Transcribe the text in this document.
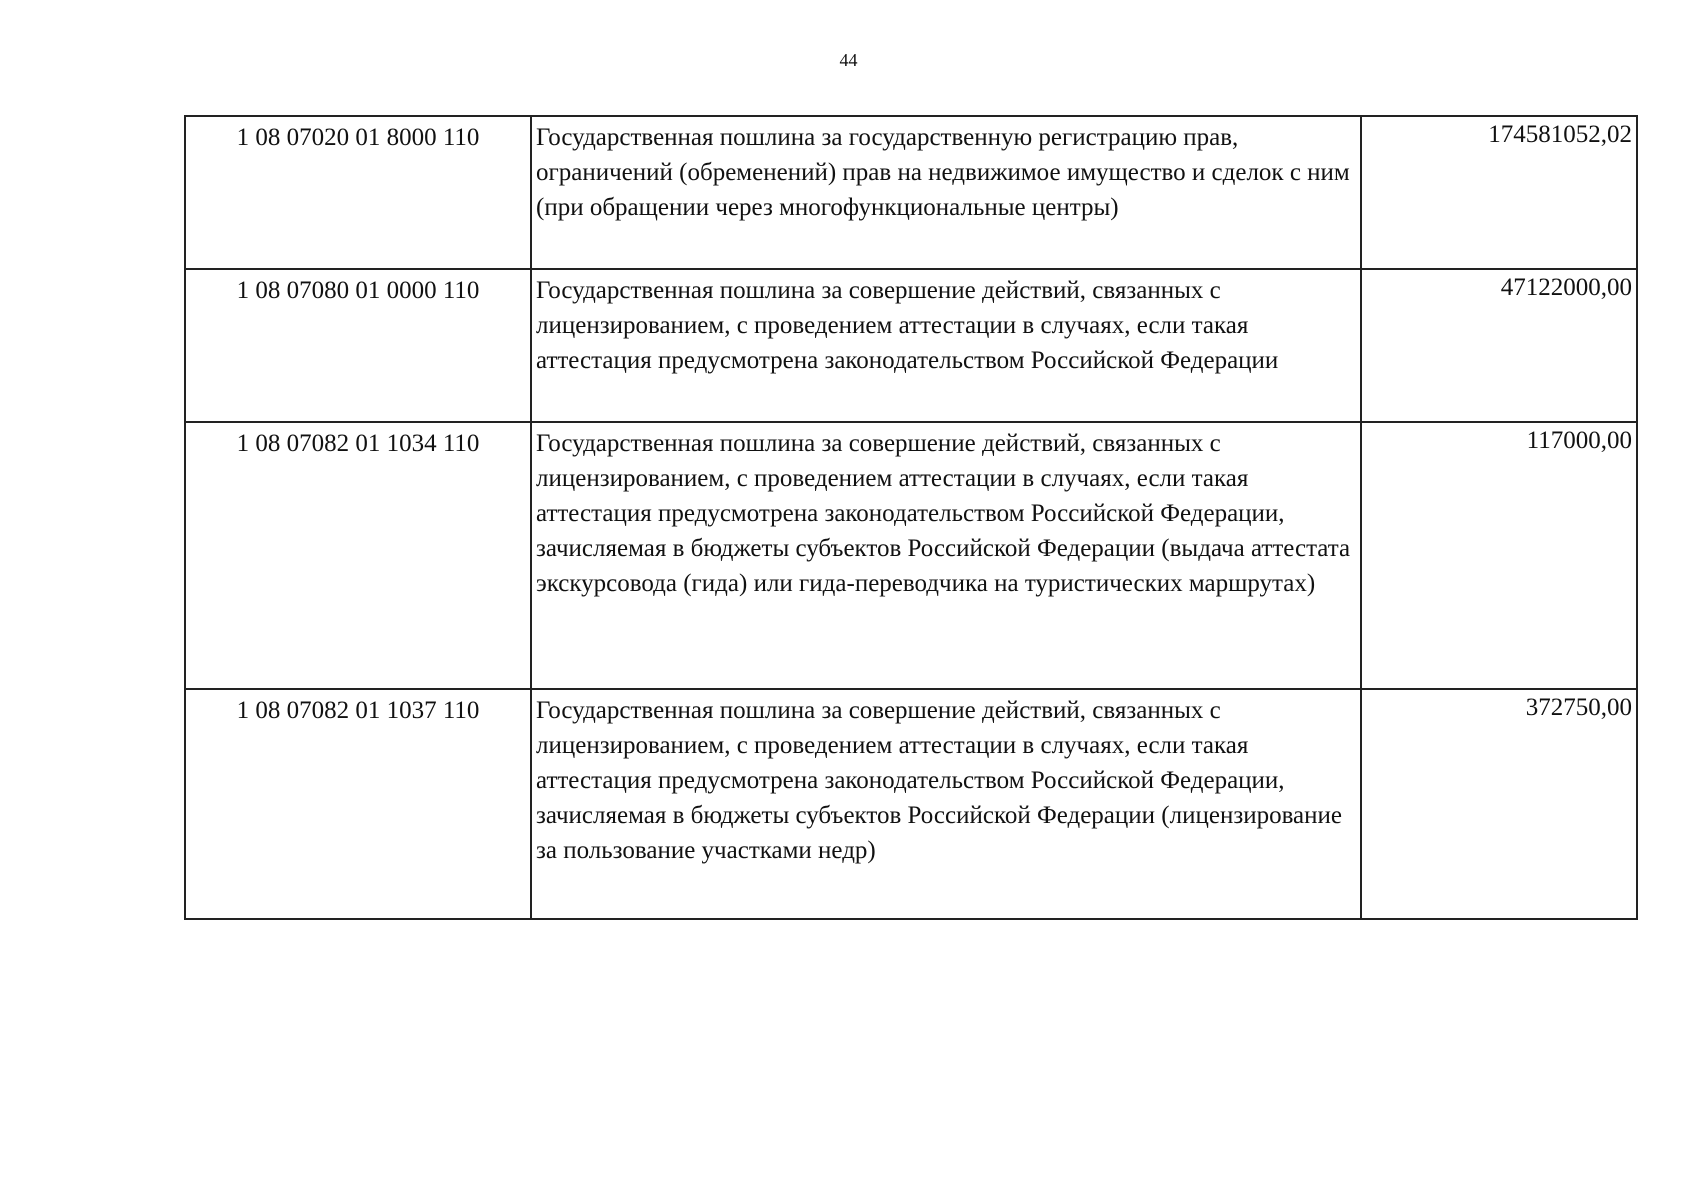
44
1 08 07020 01 8000 110	Государственная пошлина за государственную регистрацию прав, ограничений (обременений) прав на недвижимое имущество и сделок с ним (при обращении через многофункциональные центры)	174581052,02
1 08 07080 01 0000 110	Государственная пошлина за совершение действий, связанных с лицензированием, с проведением аттестации в случаях, если такая аттестация предусмотрена законодательством Российской Федерации	47122000,00
1 08 07082 01 1034 110	Государственная пошлина за совершение действий, связанных с лицензированием, с проведением аттестации в случаях, если такая аттестация предусмотрена законодательством Российской Федерации, зачисляемая в бюджеты субъектов Российской Федерации (выдача аттестата экскурсовода (гида) или гида-переводчика на туристических маршрутах)	117000,00
1 08 07082 01 1037 110	Государственная пошлина за совершение действий, связанных с лицензированием, с проведением аттестации в случаях, если такая аттестация предусмотрена законодательством Российской Федерации, зачисляемая в бюджеты субъектов Российской Федерации (лицензирование за пользование участками недр)	372750,00
